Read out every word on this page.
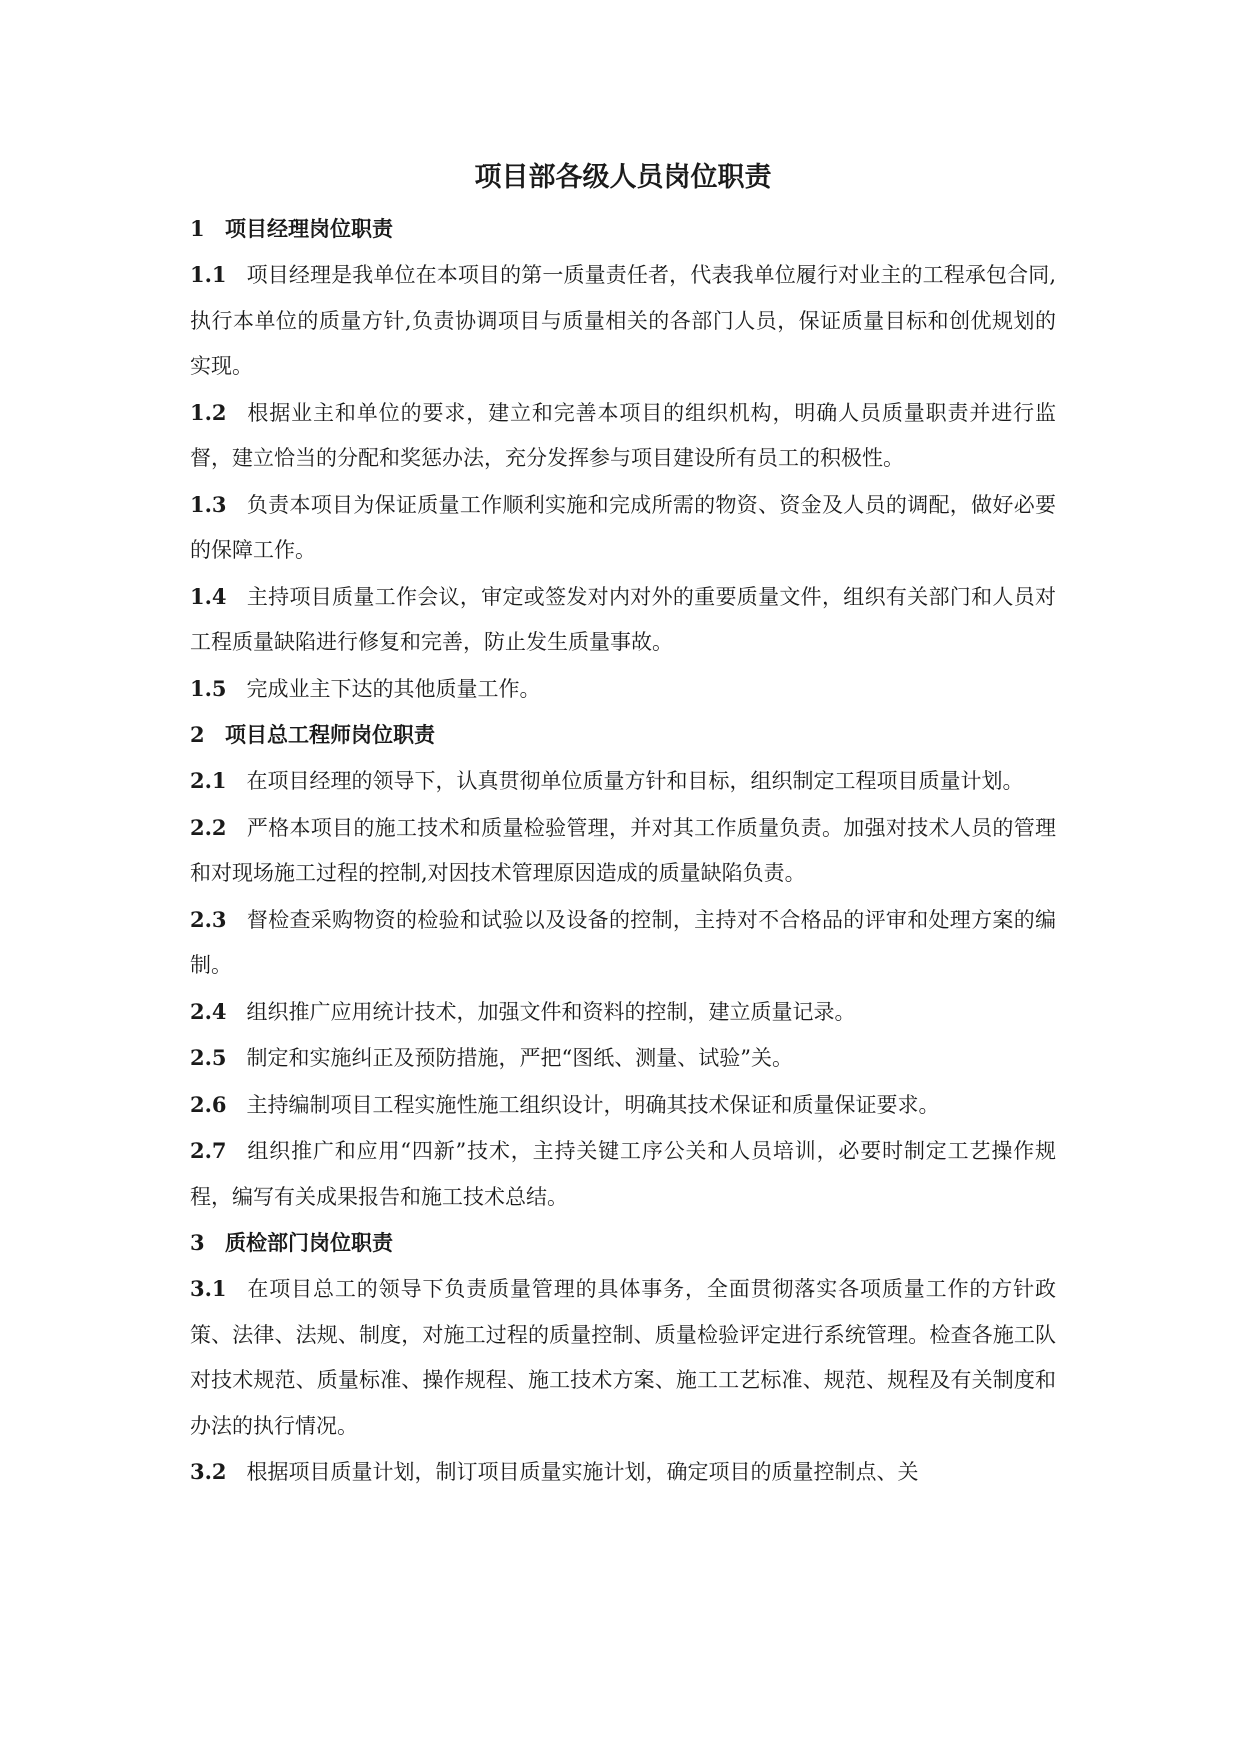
项目部各级人员岗位职责

1 项目经理岗位职责

1.1 项目经理是我单位在本项目的第一质量责任者，代表我单位履行对业主的工程承包合同,执行本单位的质量方针,负责协调项目与质量相关的各部门人员，保证质量目标和创优规划的实现。

1.2 根据业主和单位的要求，建立和完善本项目的组织机构，明确人员质量职责并进行监督，建立恰当的分配和奖惩办法，充分发挥参与项目建设所有员工的积极性。

1.3 负责本项目为保证质量工作顺利实施和完成所需的物资、资金及人员的调配，做好必要的保障工作。

1.4 主持项目质量工作会议，审定或签发对内对外的重要质量文件，组织有关部门和人员对工程质量缺陷进行修复和完善，防止发生质量事故。

1.5 完成业主下达的其他质量工作。

2 项目总工程师岗位职责

2.1 在项目经理的领导下，认真贯彻单位质量方针和目标，组织制定工程项目质量计划。

2.2 严格本项目的施工技术和质量检验管理，并对其工作质量负责。加强对技术人员的管理和对现场施工过程的控制,对因技术管理原因造成的质量缺陷负责。

2.3 督检查采购物资的检验和试验以及设备的控制，主持对不合格品的评审和处理方案的编制。

2.4 组织推广应用统计技术，加强文件和资料的控制，建立质量记录。

2.5 制定和实施纠正及预防措施，严把“图纸、测量、试验”关。

2.6 主持编制项目工程实施性施工组织设计，明确其技术保证和质量保证要求。

2.7 组织推广和应用“四新”技术，主持关键工序公关和人员培训，必要时制定工艺操作规程，编写有关成果报告和施工技术总结。

3 质检部门岗位职责

3.1 在项目总工的领导下负责质量管理的具体事务，全面贯彻落实各项质量工作的方针政策、法律、法规、制度，对施工过程的质量控制、质量检验评定进行系统管理。检查各施工队对技术规范、质量标准、操作规程、施工技术方案、施工工艺标准、规范、规程及有关制度和办法的执行情况。

3.2 根据项目质量计划，制订项目质量实施计划，确定项目的质量控制点、关
